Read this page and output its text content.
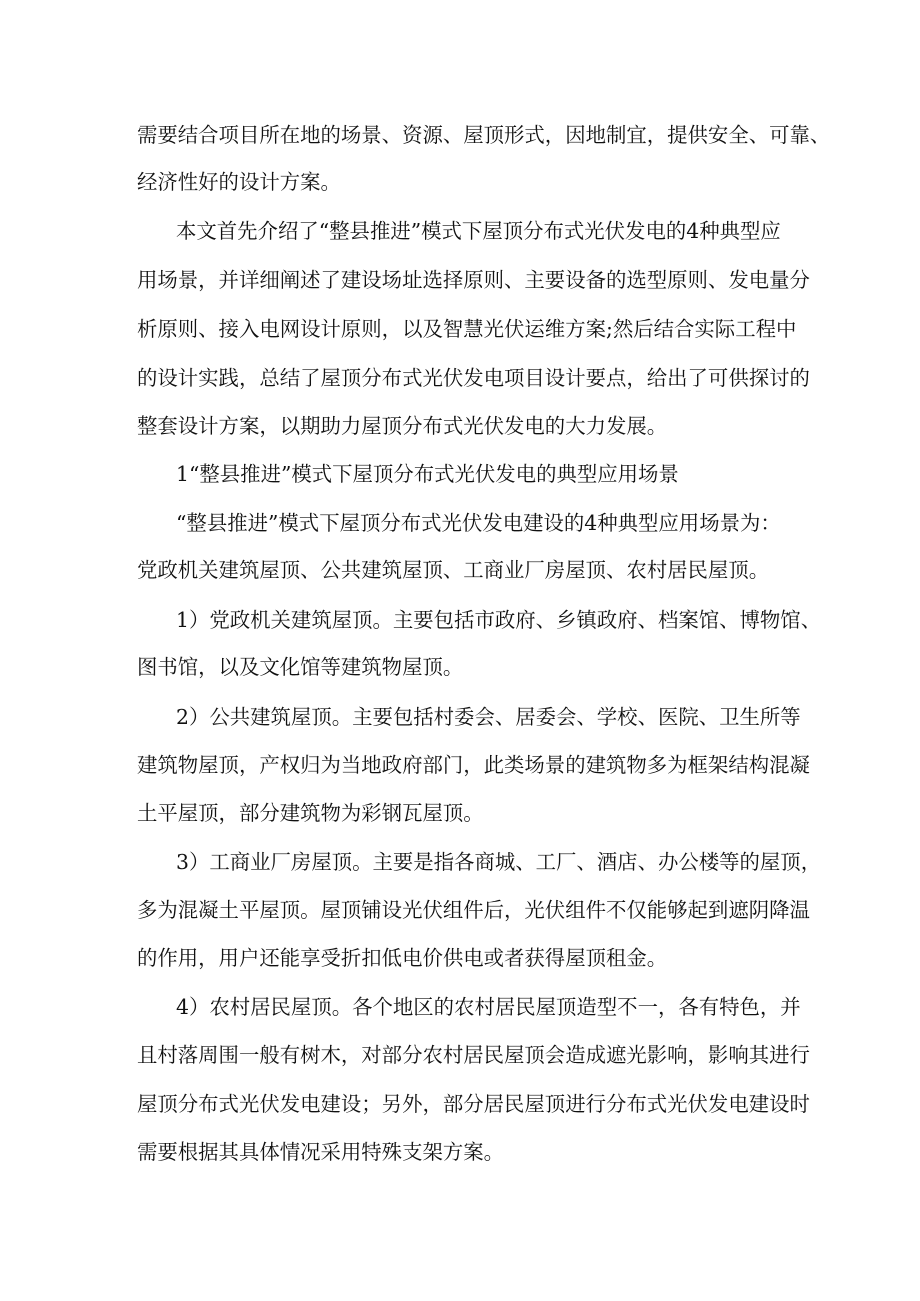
需要结合项目所在地的场景、资源、屋顶形式，因地制宜，提供安全、可靠、
经济性好的设计方案。
本文首先介绍了“整县推进”模式下屋顶分布式光伏发电的4种典型应
用场景，并详细阐述了建设场址选择原则、主要设备的选型原则、发电量分
析原则、接入电网设计原则，以及智慧光伏运维方案;然后结合实际工程中
的设计实践，总结了屋顶分布式光伏发电项目设计要点，给出了可供探讨的
整套设计方案，以期助力屋顶分布式光伏发电的大力发展。
1“整县推进”模式下屋顶分布式光伏发电的典型应用场景
“整县推进”模式下屋顶分布式光伏发电建设的4种典型应用场景为：
党政机关建筑屋顶、公共建筑屋顶、工商业厂房屋顶、农村居民屋顶。
1）党政机关建筑屋顶。主要包括市政府、乡镇政府、档案馆、博物馆、
图书馆，以及文化馆等建筑物屋顶。
2）公共建筑屋顶。主要包括村委会、居委会、学校、医院、卫生所等
建筑物屋顶，产权归为当地政府部门，此类场景的建筑物多为框架结构混凝
土平屋顶，部分建筑物为彩钢瓦屋顶。
3）工商业厂房屋顶。主要是指各商城、工厂、酒店、办公楼等的屋顶，
多为混凝土平屋顶。屋顶铺设光伏组件后，光伏组件不仅能够起到遮阴降温
的作用，用户还能享受折扣低电价供电或者获得屋顶租金。
4）农村居民屋顶。各个地区的农村居民屋顶造型不一，各有特色，并
且村落周围一般有树木，对部分农村居民屋顶会造成遮光影响，影响其进行
屋顶分布式光伏发电建设；另外，部分居民屋顶进行分布式光伏发电建设时
需要根据其具体情况采用特殊支架方案。
